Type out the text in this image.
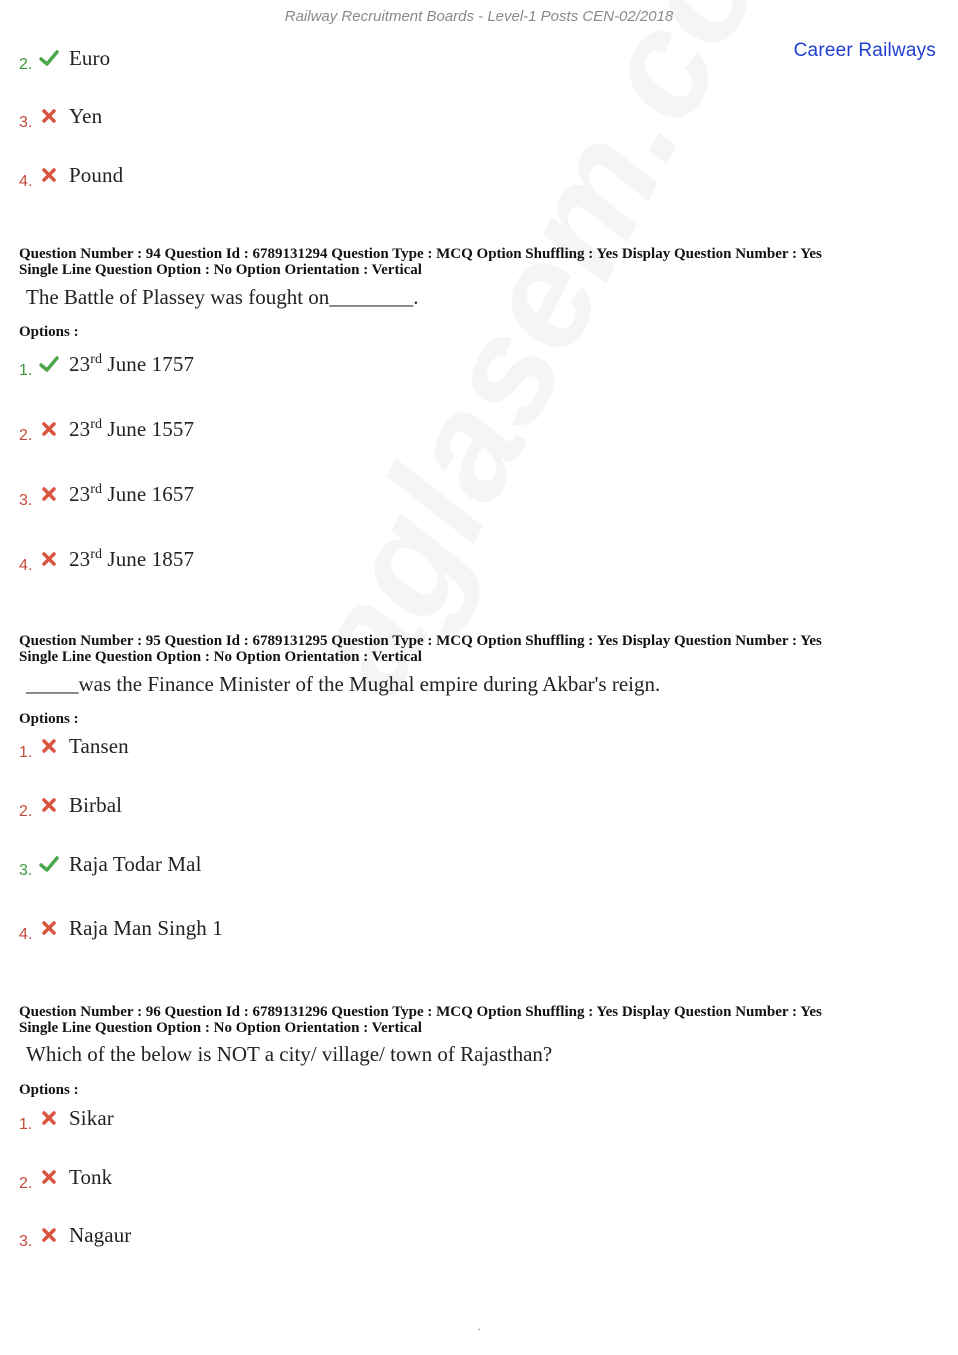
Railway Recruitment Boards - Level-1 Posts CEN-02/2018
Career Railways
2.	Euro
3.	Yen
4.	Pound
Question Number : 94 Question Id : 6789131294 Question Type : MCQ Option Shuffling : Yes Display Question Number : Yes
Single Line Question Option : No Option Orientation : Vertical
The Battle of Plassey was fought on________.
Options :
1.	23rd June 1757
2.	23rd June 1557
3.	23rd June 1657
4.	23rd June 1857
Question Number : 95 Question Id : 6789131295 Question Type : MCQ Option Shuffling : Yes Display Question Number : Yes
Single Line Question Option : No Option Orientation : Vertical
_____was the Finance Minister of the Mughal empire during Akbar's reign.
Options :
1.	Tansen
2.	Birbal
3.	Raja Todar Mal
4.	Raja Man Singh 1
Question Number : 96 Question Id : 6789131296 Question Type : MCQ Option Shuffling : Yes Display Question Number : Yes
Single Line Question Option : No Option Orientation : Vertical
Which of the below is NOT a city/ village/ town of Rajasthan?
Options :
1.	Sikar
2.	Tonk
3.	Nagaur
.
